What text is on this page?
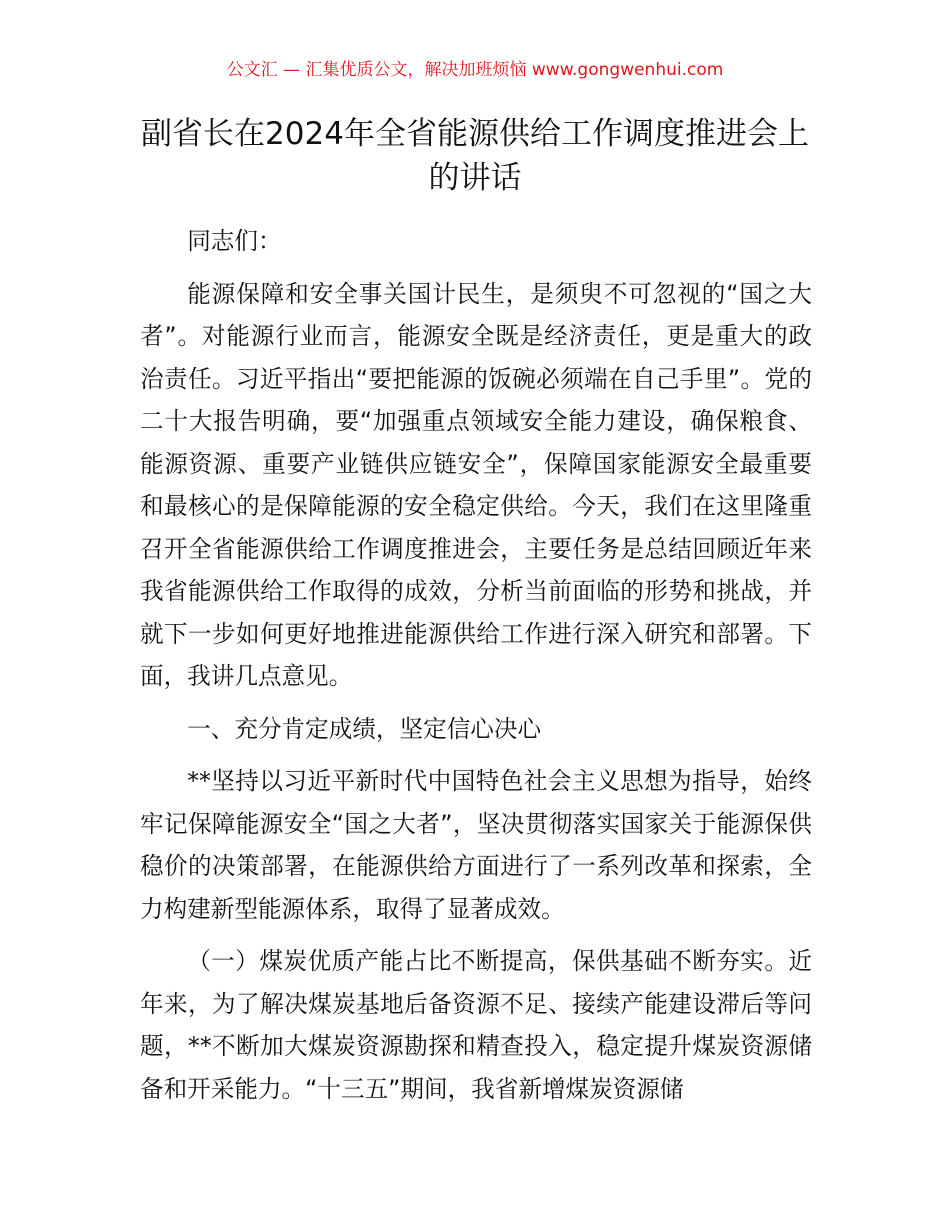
公文汇 — 汇集优质公文，解决加班烦恼 www.gongwenhui.com
副省长在2024年全省能源供给工作调度推进会上的讲话

同志们：

能源保障和安全事关国计民生，是须臾不可忽视的“国之大者”。对能源行业而言，能源安全既是经济责任，更是重大的政治责任。习近平指出“要把能源的饭碗必须端在自己手里”。党的二十大报告明确，要“加强重点领域安全能力建设，确保粮食、能源资源、重要产业链供应链安全”，保障国家能源安全最重要和最核心的是保障能源的安全稳定供给。今天，我们在这里隆重召开全省能源供给工作调度推进会，主要任务是总结回顾近年来我省能源供给工作取得的成效，分析当前面临的形势和挑战，并就下一步如何更好地推进能源供给工作进行深入研究和部署。下面，我讲几点意见。

一、充分肯定成绩，坚定信心决心

**坚持以习近平新时代中国特色社会主义思想为指导，始终牢记保障能源安全“国之大者”，坚决贯彻落实国家关于能源保供稳价的决策部署，在能源供给方面进行了一系列改革和探索，全力构建新型能源体系，取得了显著成效。

（一）煤炭优质产能占比不断提高，保供基础不断夯实。近年来，为了解决煤炭基地后备资源不足、接续产能建设滞后等问题，**不断加大煤炭资源勘探和精查投入，稳定提升煤炭资源储备和开采能力。“十三五”期间，我省新增煤炭资源储
